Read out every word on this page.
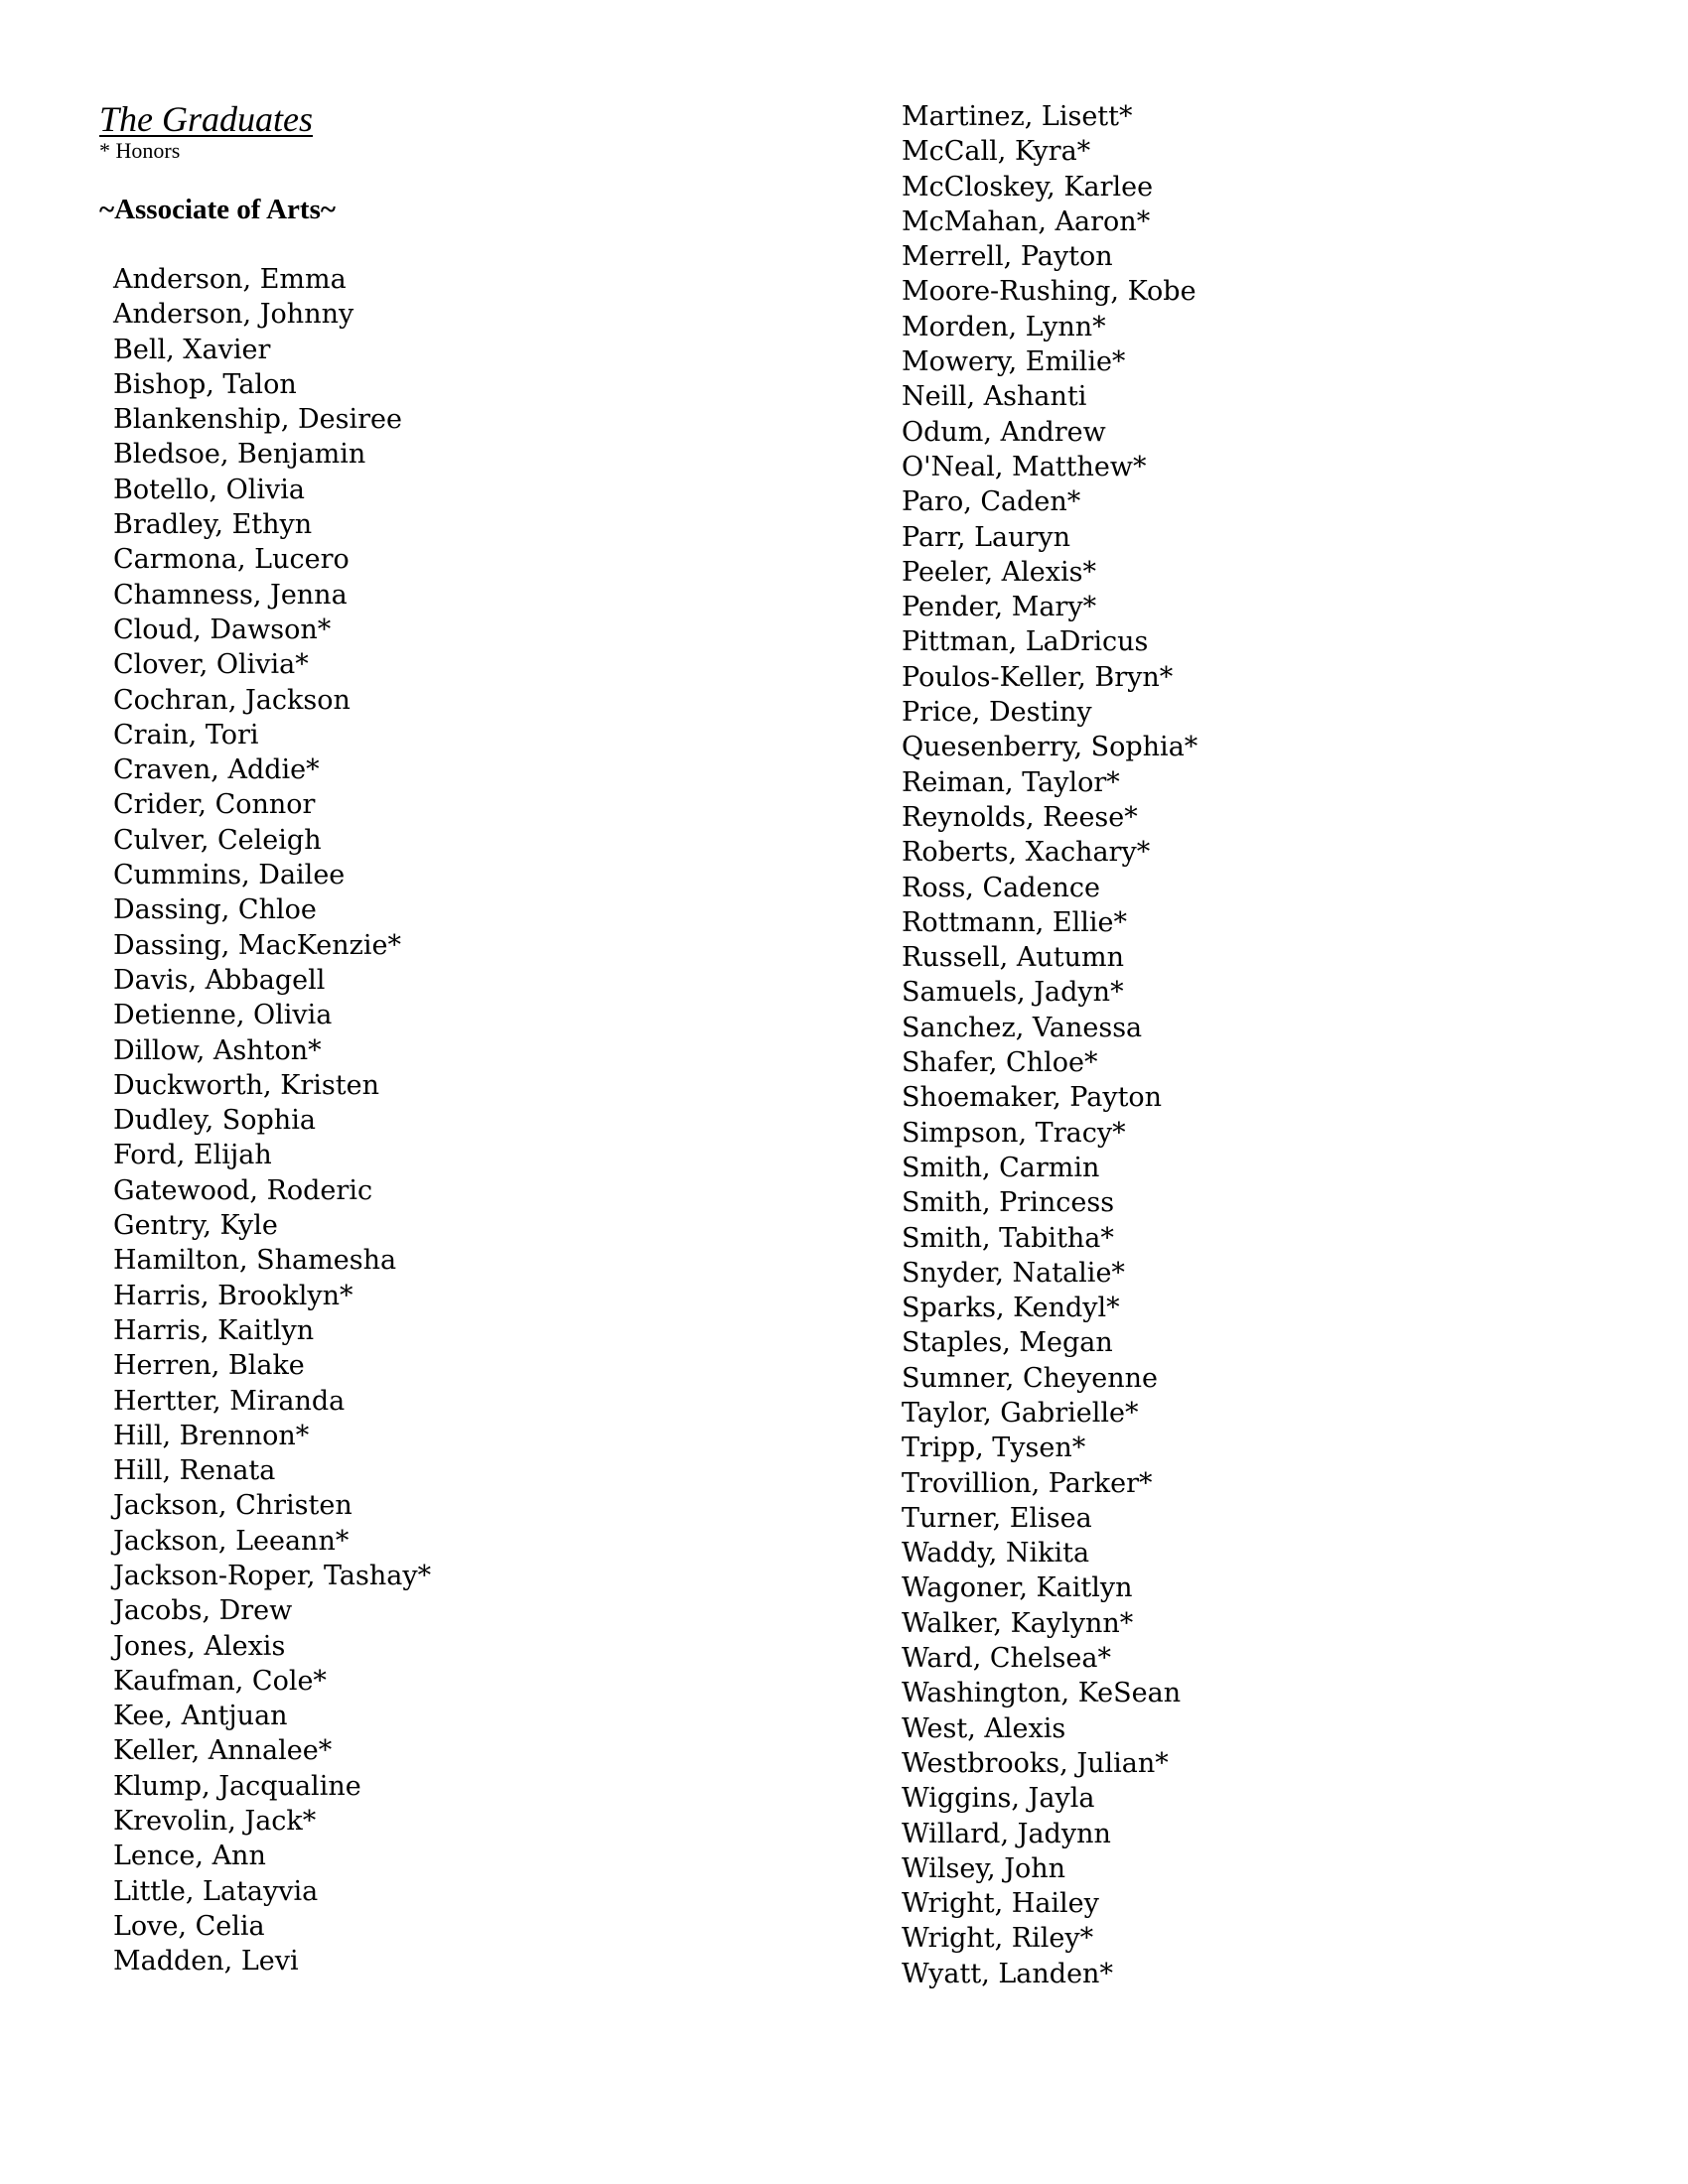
The Graduates
* Honors
~Associate of Arts~
Anderson, Emma
Anderson, Johnny
Bell, Xavier
Bishop, Talon
Blankenship, Desiree
Bledsoe, Benjamin
Botello, Olivia
Bradley, Ethyn
Carmona, Lucero
Chamness, Jenna
Cloud, Dawson*
Clover, Olivia*
Cochran, Jackson
Crain, Tori
Craven, Addie*
Crider, Connor
Culver, Celeigh
Cummins, Dailee
Dassing, Chloe
Dassing, MacKenzie*
Davis, Abbagell
Detienne, Olivia
Dillow, Ashton*
Duckworth, Kristen
Dudley, Sophia
Ford, Elijah
Gatewood, Roderic
Gentry, Kyle
Hamilton, Shamesha
Harris, Brooklyn*
Harris, Kaitlyn
Herren, Blake
Hertter, Miranda
Hill, Brennon*
Hill, Renata
Jackson, Christen
Jackson, Leeann*
Jackson-Roper, Tashay*
Jacobs, Drew
Jones, Alexis
Kaufman, Cole*
Kee, Antjuan
Keller, Annalee*
Klump, Jacqualine
Krevolin, Jack*
Lence, Ann
Little, Latayvia
Love, Celia
Madden, Levi
Martinez, Lisett*
McCall, Kyra*
McCloskey, Karlee
McMahan, Aaron*
Merrell, Payton
Moore-Rushing, Kobe
Morden, Lynn*
Mowery, Emilie*
Neill, Ashanti
Odum, Andrew
O'Neal, Matthew*
Paro, Caden*
Parr, Lauryn
Peeler, Alexis*
Pender, Mary*
Pittman, LaDricus
Poulos-Keller, Bryn*
Price, Destiny
Quesenberry, Sophia*
Reiman, Taylor*
Reynolds, Reese*
Roberts, Xachary*
Ross, Cadence
Rottmann, Ellie*
Russell, Autumn
Samuels, Jadyn*
Sanchez, Vanessa
Shafer, Chloe*
Shoemaker, Payton
Simpson, Tracy*
Smith, Carmin
Smith, Princess
Smith, Tabitha*
Snyder, Natalie*
Sparks, Kendyl*
Staples, Megan
Sumner, Cheyenne
Taylor, Gabrielle*
Tripp, Tysen*
Trovillion, Parker*
Turner, Elisea
Waddy, Nikita
Wagoner, Kaitlyn
Walker, Kaylynn*
Ward, Chelsea*
Washington, KeSean
West, Alexis
Westbrooks, Julian*
Wiggins, Jayla
Willard, Jadynn
Wilsey, John
Wright, Hailey
Wright, Riley*
Wyatt, Landen*
